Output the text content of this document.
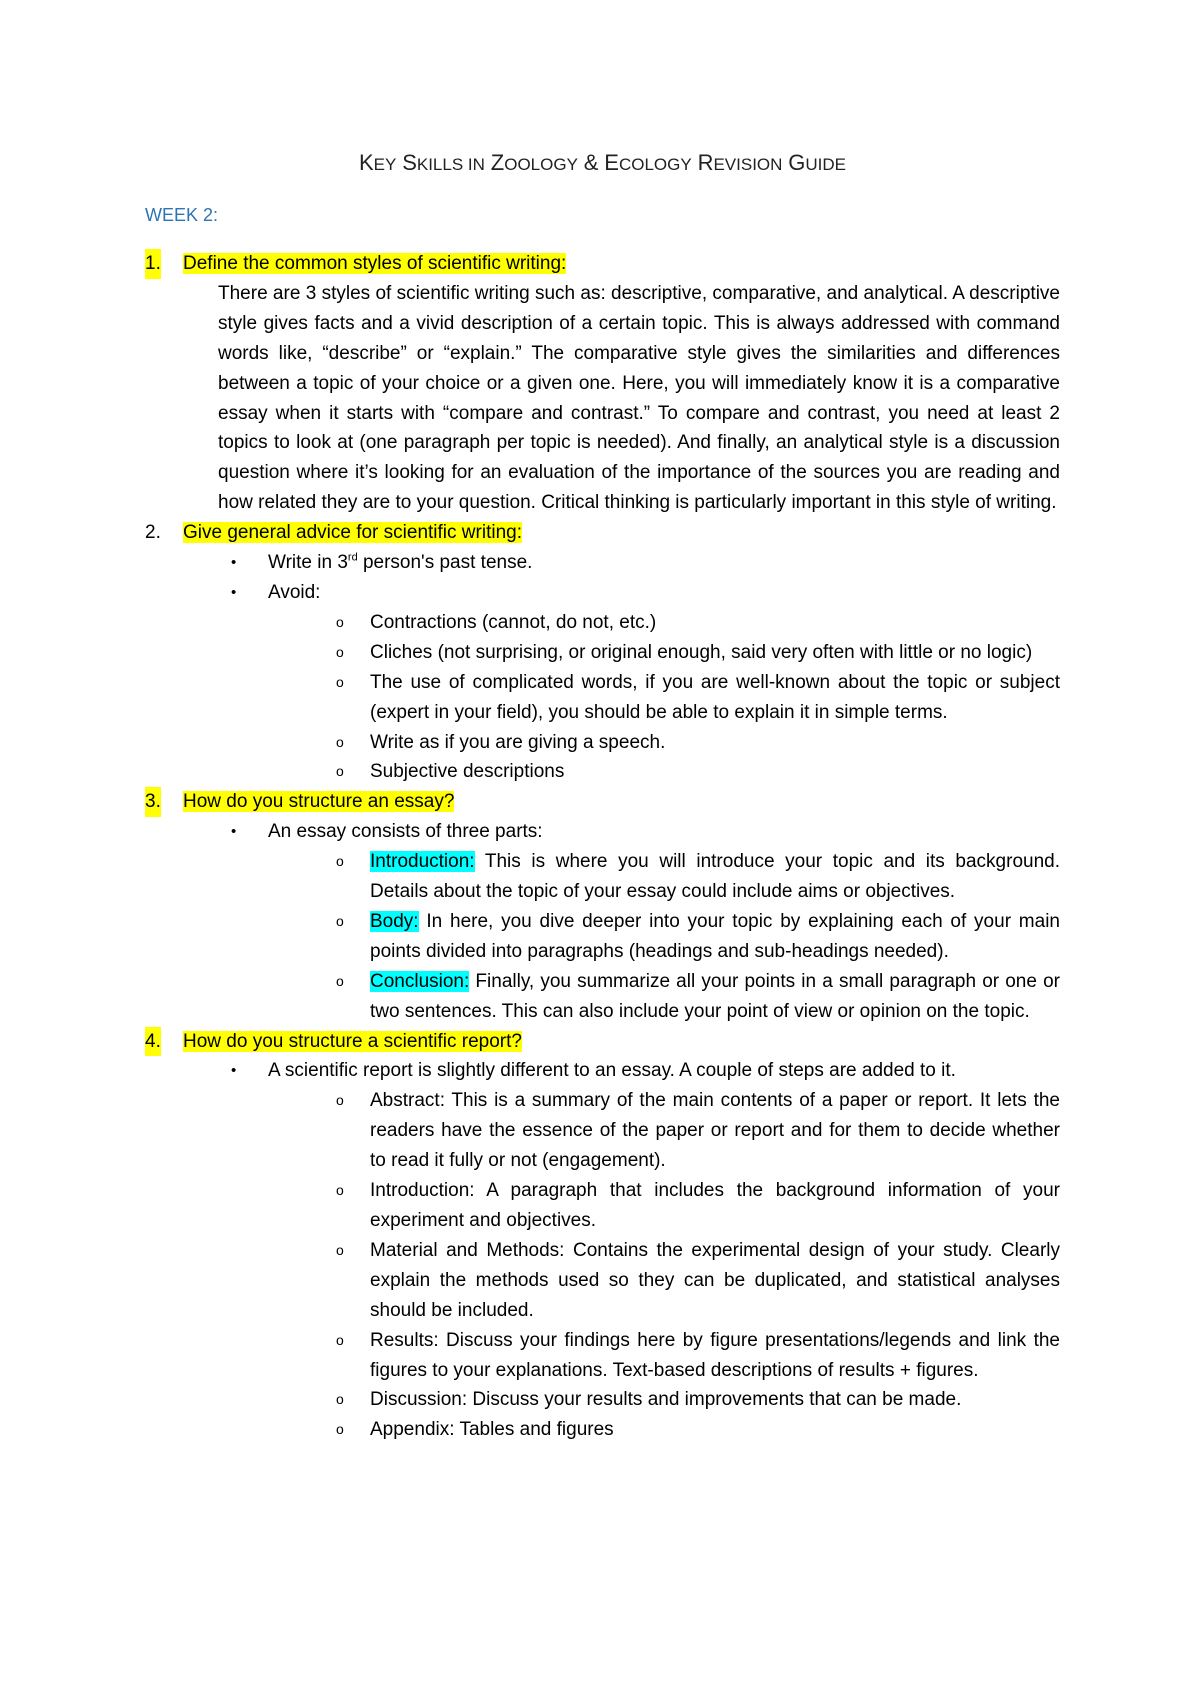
KEY SKILLS IN ZOOLOGY & ECOLOGY REVISION GUIDE
WEEK 2:
1. Define the common styles of scientific writing:
There are 3 styles of scientific writing such as: descriptive, comparative, and analytical. A descriptive style gives facts and a vivid description of a certain topic. This is always addressed with command words like, “describe” or “explain.” The comparative style gives the similarities and differences between a topic of your choice or a given one. Here, you will immediately know it is a comparative essay when it starts with “compare and contrast.” To compare and contrast, you need at least 2 topics to look at (one paragraph per topic is needed). And finally, an analytical style is a discussion question where it’s looking for an evaluation of the importance of the sources you are reading and how related they are to your question. Critical thinking is particularly important in this style of writing.
2. Give general advice for scientific writing:
• Write in 3rd person's past tense.
• Avoid:
o Contractions (cannot, do not, etc.)
o Cliches (not surprising, or original enough, said very often with little or no logic)
o The use of complicated words, if you are well-known about the topic or subject (expert in your field), you should be able to explain it in simple terms.
o Write as if you are giving a speech.
o Subjective descriptions
3. How do you structure an essay?
• An essay consists of three parts:
o Introduction: This is where you will introduce your topic and its background. Details about the topic of your essay could include aims or objectives.
o Body: In here, you dive deeper into your topic by explaining each of your main points divided into paragraphs (headings and sub-headings needed).
o Conclusion: Finally, you summarize all your points in a small paragraph or one or two sentences. This can also include your point of view or opinion on the topic.
4. How do you structure a scientific report?
• A scientific report is slightly different to an essay. A couple of steps are added to it.
o Abstract: This is a summary of the main contents of a paper or report. It lets the readers have the essence of the paper or report and for them to decide whether to read it fully or not (engagement).
o Introduction: A paragraph that includes the background information of your experiment and objectives.
o Material and Methods: Contains the experimental design of your study. Clearly explain the methods used so they can be duplicated, and statistical analyses should be included.
o Results: Discuss your findings here by figure presentations/legends and link the figures to your explanations. Text-based descriptions of results + figures.
o Discussion: Discuss your results and improvements that can be made.
o Appendix: Tables and figures
